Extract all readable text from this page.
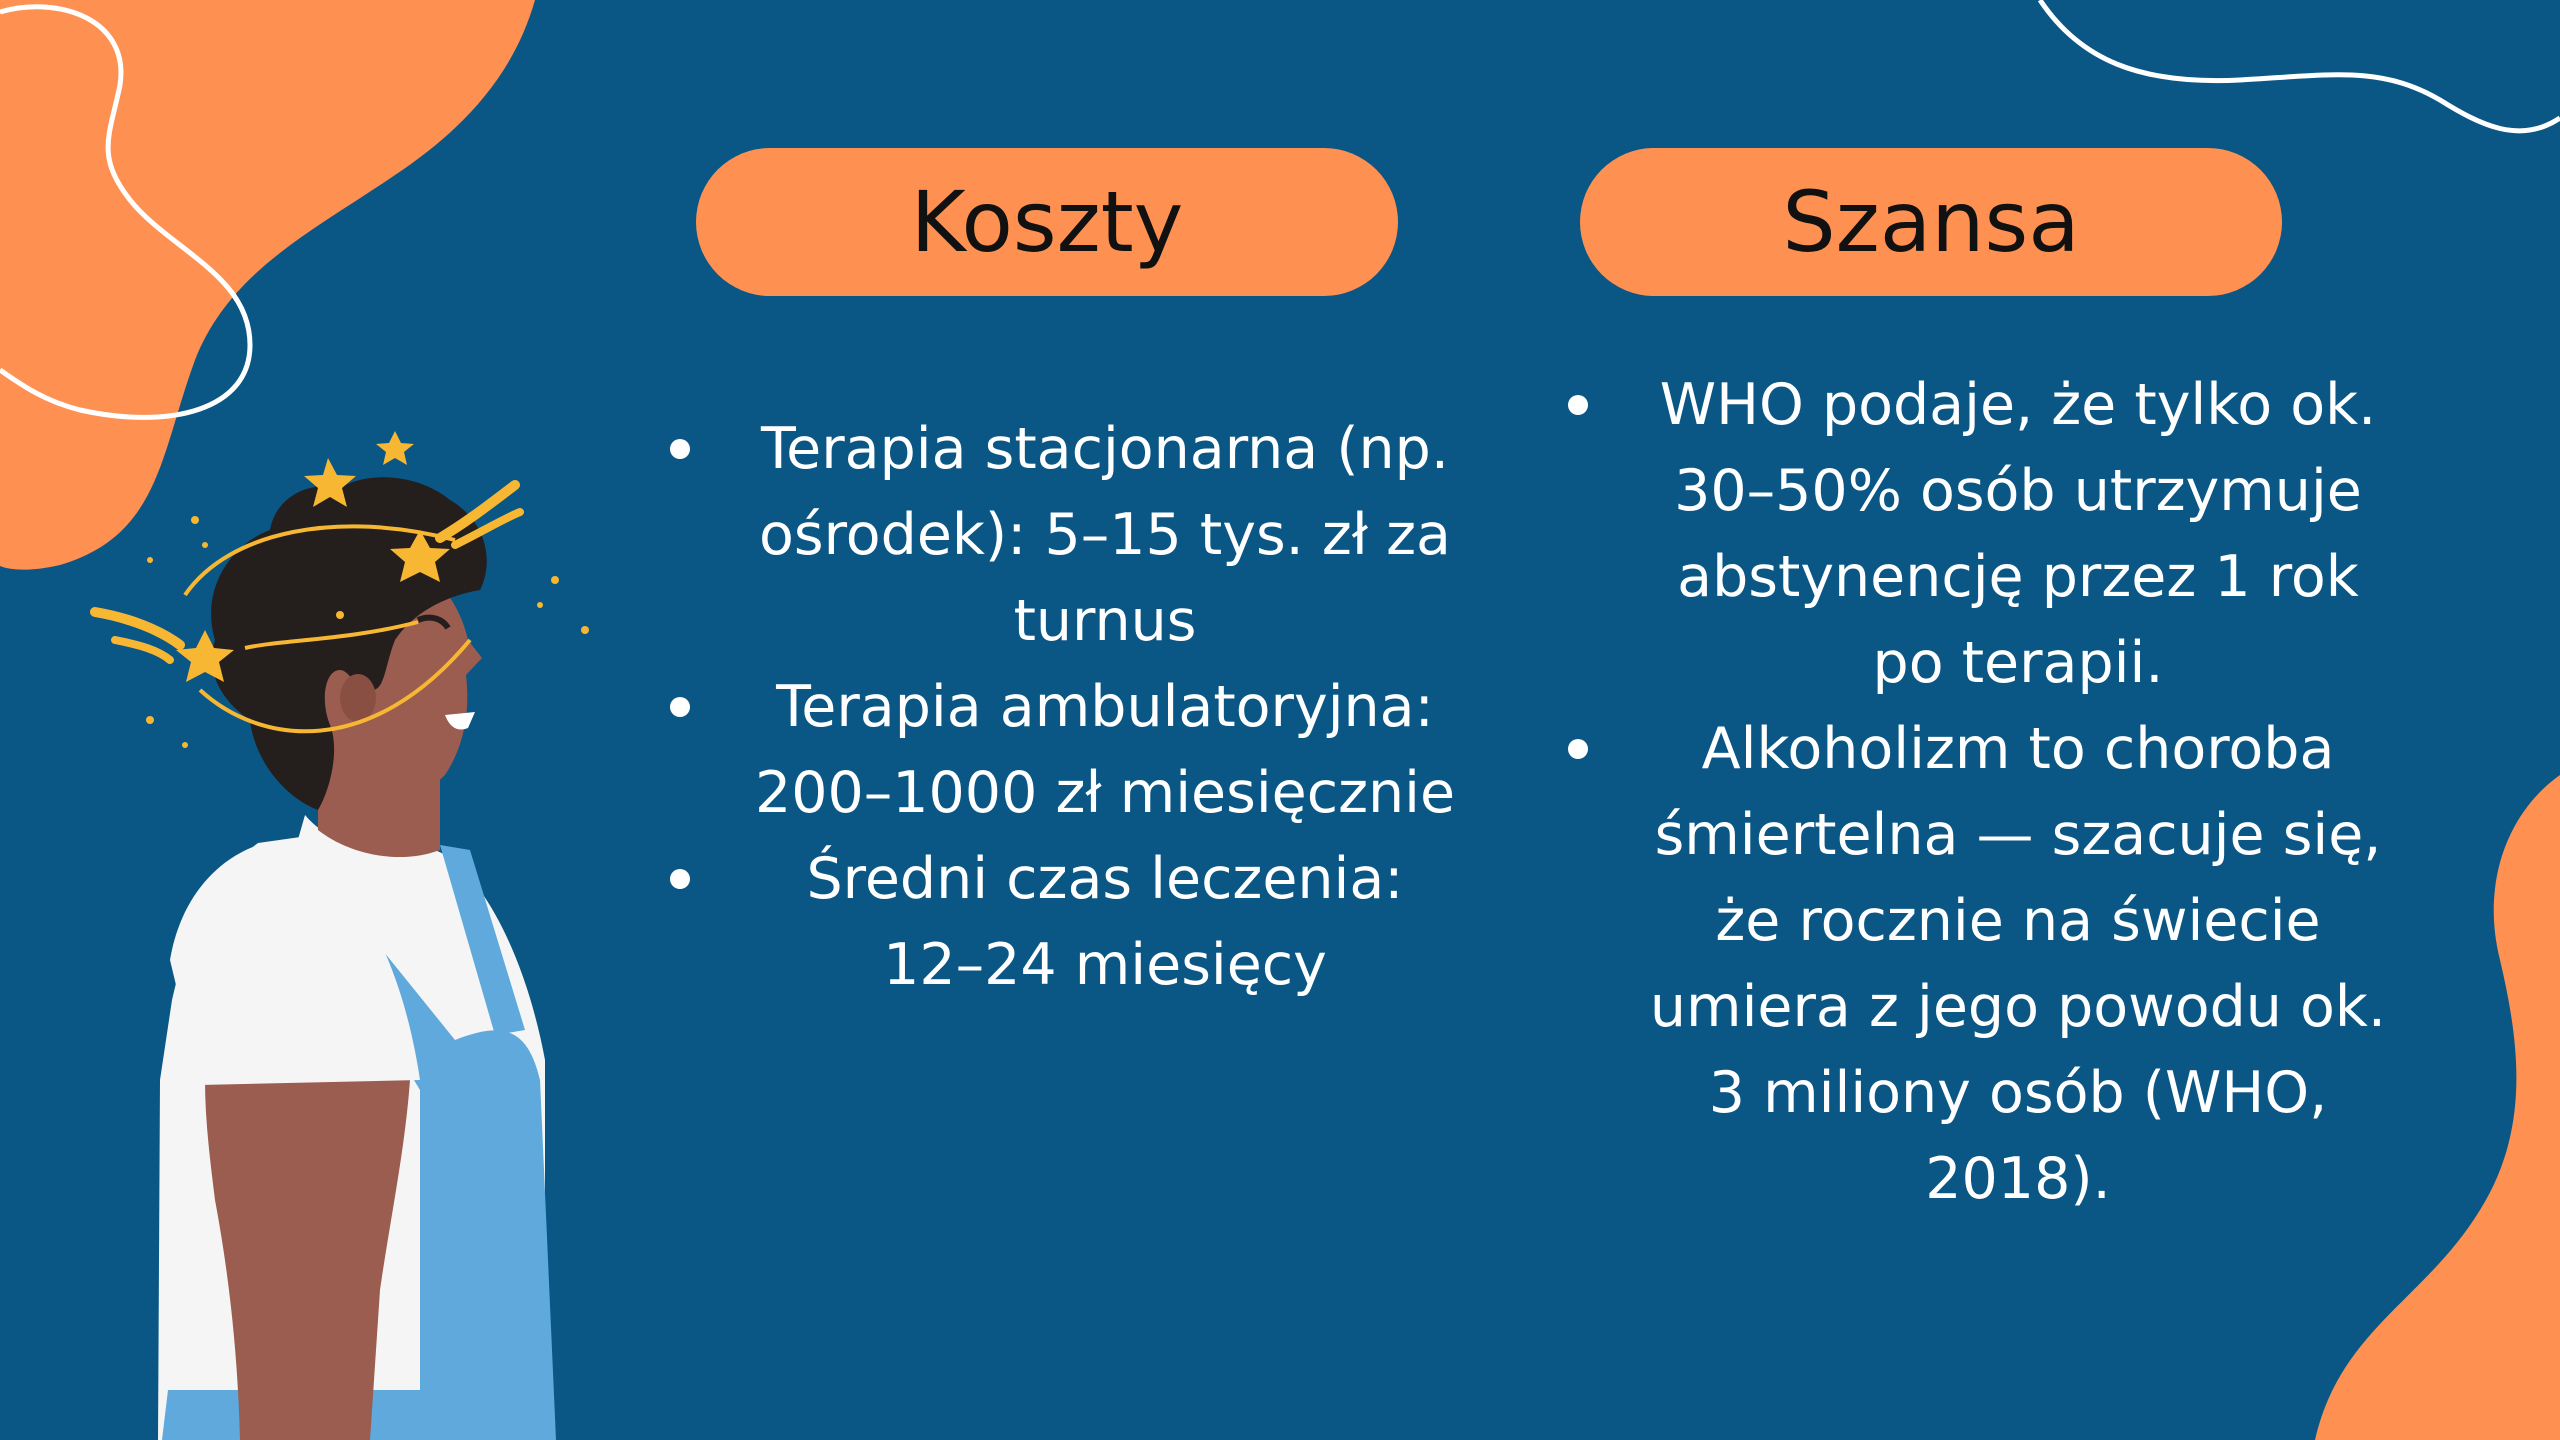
Koszty	Szansa
Terapia stacjonarna (np. ośrodek): 5–15 tys. zł za turnus
Terapia ambulatoryjna: 200–1000 zł miesięcznie
Średni czas leczenia: 12–24 miesięcy
WHO podaje, że tylko ok. 30–50% osób utrzymuje abstynencję przez 1 rok po terapii.
Alkoholizm to choroba śmiertelna — szacuje się, że rocznie na świecie umiera z jego powodu ok. 3 miliony osób (WHO, 2018).
